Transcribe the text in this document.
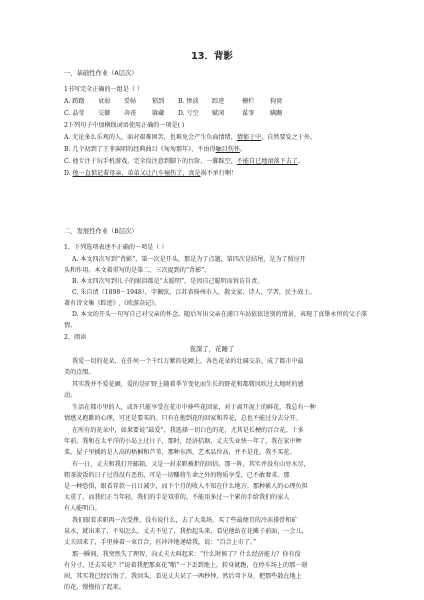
13．背影
一、基础性作业（A层次）
1书写完全正确的一组是（ ）
A. 踌躇 衰弱 妥帖	锁到 B. 惨淡 踪迹	栅栏	狗窝
C. 晶莹 交御 奔丧	躲藏 D. 亏空 赋闲	谋事	蹒跚
2下列句子中加横线词语使用正确的一项是( )
A. 无论多么乐观的人，面对艰难困苦，也难免会产生负面情绪，情郁于中，自然要发之于外。
B. 几个初到了王菲演唱的经典曲目《匆匆那年》，不由得触目伤怀。
C. 他专注于玩手机游戏，完全没注意到脚下的台阶，一脚踩空，不能自已地滚落下去了。
D. 他一直惦记着母亲，弟弟又让汽车撞伤了，真是祸不单行啊！
二、发展性作业（B层次）
1、下列选项表述不正确的一项是（ ）
A. 本文四次写到“背影”，第一次是开头，那是为了点题，第四次是结尾，是为了照应开
头和作用。本文着重写的是第二、三次提到的“背影”。
B. 本文四次写到儿子的眼泪都是“太聪明”，是因自己聪明而诉访自责。
C. 朱自清（1898－1948），字佩弦，江苏省扬州市人，散文家、诗人、学者，民主战士。
著有诗文集《踪迹》,《欧游杂记》。
D. 本文的开头一句写自己对父亲的怀念，随后写出父亲在浦口车站依依送别的情景，表现了真挚永恒的父子深
情。
2、阅读
夜深了，花睡了
我爱一切的花朵，在任何一个千红万紫的花圃上，各色花朵的壮阔交杂，成了都市中最
美的点缀。
其实我并不爱花圃，爱的是旷野上随着季节变化而生长的野花和都微风吹过大地时的感
动。
生活在都市里的人，或许只能享受在花市中捧些花回家，对于离开泥土的鲜花，我总有一种
情感又抱歉的心理，可还是要买的。只有在抱到花的回家和养花，总也不能过分去分开。
在所有的花朵中，如果要说“最爱”，我选择一切白色的花，尤其是长梗的百合花。十多
年前，我和在太平洋的小岛上过日子，那时，经济拮据，丈夫失业快一年了，我在家中种
菜，屋子里插的是人高的梧桐和芦苇，那种东西，艺术品位高，并不是花。我不买花。
有一日，丈夫和我打开邮箱，又是一封求职被拒的回信。那一阵，其实并没有山穷水尽，
粗茶淡饭的日子过得没有恶伤，可是一切赚将生命之外的物质享受，已不敢奢求。那
是一种恐惧，眼看存款一日日减少，而下个月的收入不知在什么地方。那种累人的心理负担
太重了，而我们正当年轻，我们的手是双重的。不能用多过一个累的手给我们的家人
有人能明白。
我们眼看求职再一次受挫，没有说什么，去了大菜场，买了些最便宜的冷冻排骨和矿
泉水，就出来了，不知怎么，丈夫不见了，我抬起头来，看见他站在花摊子前面，一会儿，
丈夫回来了，手里捧着一束百合，匹冲冲地递给我，说：“百合上市了。”
那一瞬间，我突然失了理智，向丈夫大叫起来：“什么时候了？什么经济能力？你有没
有分寸，还去买花？!”说着我把那束花“啪”一下丢到地上，转身就跑，在停车场上的那一刻
间，其实我已经后悔了，我回头，看见丈夫呆了一两秒钟，然后弯下身，把那些散在地上
的花，慢慢拾了起来。
